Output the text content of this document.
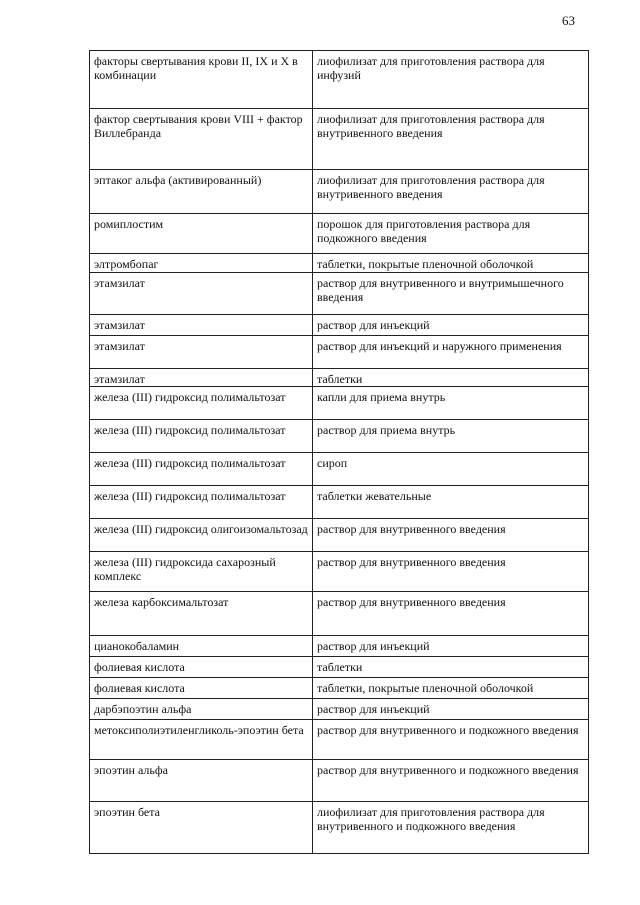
63
факторы свертывания крови II, IX и X в комбинации	лиофилизат для приготовления раствора для инфузий
фактор свертывания крови VIII + фактор Виллебранда	лиофилизат для приготовления раствора для внутривенного введения
эптаког альфа (активированный)	лиофилизат для приготовления раствора для внутривенного введения
ромиплостим	порошок для приготовления раствора для подкожного введения
элтромбопаг	таблетки, покрытые пленочной оболочкой
этамзилат	раствор для внутривенного и внутримышечного введения
этамзилат	раствор для инъекций
этамзилат	раствор для инъекций и наружного применения
этамзилат	таблетки
железа (III) гидроксид полимальтозат	капли для приема внутрь
железа (III) гидроксид полимальтозат	раствор для приема внутрь
железа (III) гидроксид полимальтозат	сироп
железа (III) гидроксид полимальтозат	таблетки жевательные
железа (III) гидроксид олигоизомальтозад	раствор для внутривенного введения
железа (III) гидроксида сахарозный комплекс	раствор для внутривенного введения
железа карбоксимальтозат	раствор для внутривенного введения
цианокобаламин	раствор для инъекций
фолиевая кислота	таблетки
фолиевая кислота	таблетки, покрытые пленочной оболочкой
дарбэпоэтин альфа	раствор для инъекций
метоксиполиэтиленгликоль-эпоэтин бета	раствор для внутривенного и подкожного введения
эпоэтин альфа	раствор для внутривенного и подкожного введения
эпоэтин бета	лиофилизат для приготовления раствора для внутривенного и подкожного введения
